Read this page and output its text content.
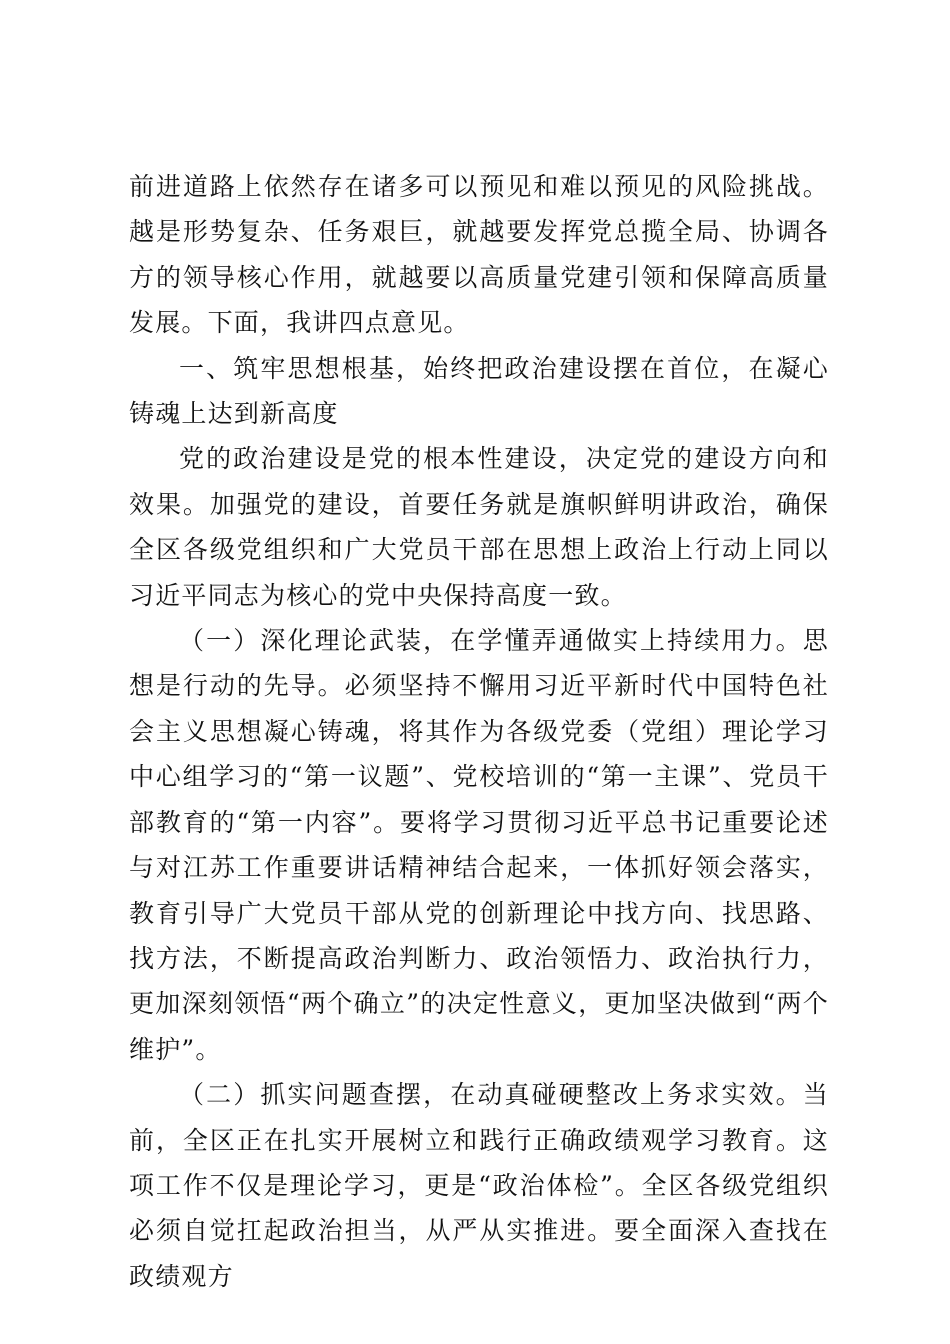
前进道路上依然存在诸多可以预见和难以预见的风险挑战。越是形势复杂、任务艰巨，就越要发挥党总揽全局、协调各方的领导核心作用，就越要以高质量党建引领和保障高质量发展。下面，我讲四点意见。

一、筑牢思想根基，始终把政治建设摆在首位，在凝心铸魂上达到新高度

党的政治建设是党的根本性建设，决定党的建设方向和效果。加强党的建设，首要任务就是旗帜鲜明讲政治，确保全区各级党组织和广大党员干部在思想上政治上行动上同以习近平同志为核心的党中央保持高度一致。

（一）深化理论武装，在学懂弄通做实上持续用力。思想是行动的先导。必须坚持不懈用习近平新时代中国特色社会主义思想凝心铸魂，将其作为各级党委（党组）理论学习中心组学习的“第一议题”、党校培训的“第一主课”、党员干部教育的“第一内容”。要将学习贯彻习近平总书记重要论述与对江苏工作重要讲话精神结合起来，一体抓好领会落实，教育引导广大党员干部从党的创新理论中找方向、找思路、找方法，不断提高政治判断力、政治领悟力、政治执行力，更加深刻领悟“两个确立”的决定性意义，更加坚决做到“两个维护”。

（二）抓实问题查摆，在动真碰硬整改上务求实效。当前，全区正在扎实开展树立和践行正确政绩观学习教育。这项工作不仅是理论学习，更是“政治体检”。全区各级党组织必须自觉扛起政治担当，从严从实推进。要全面深入查找在政绩观方
